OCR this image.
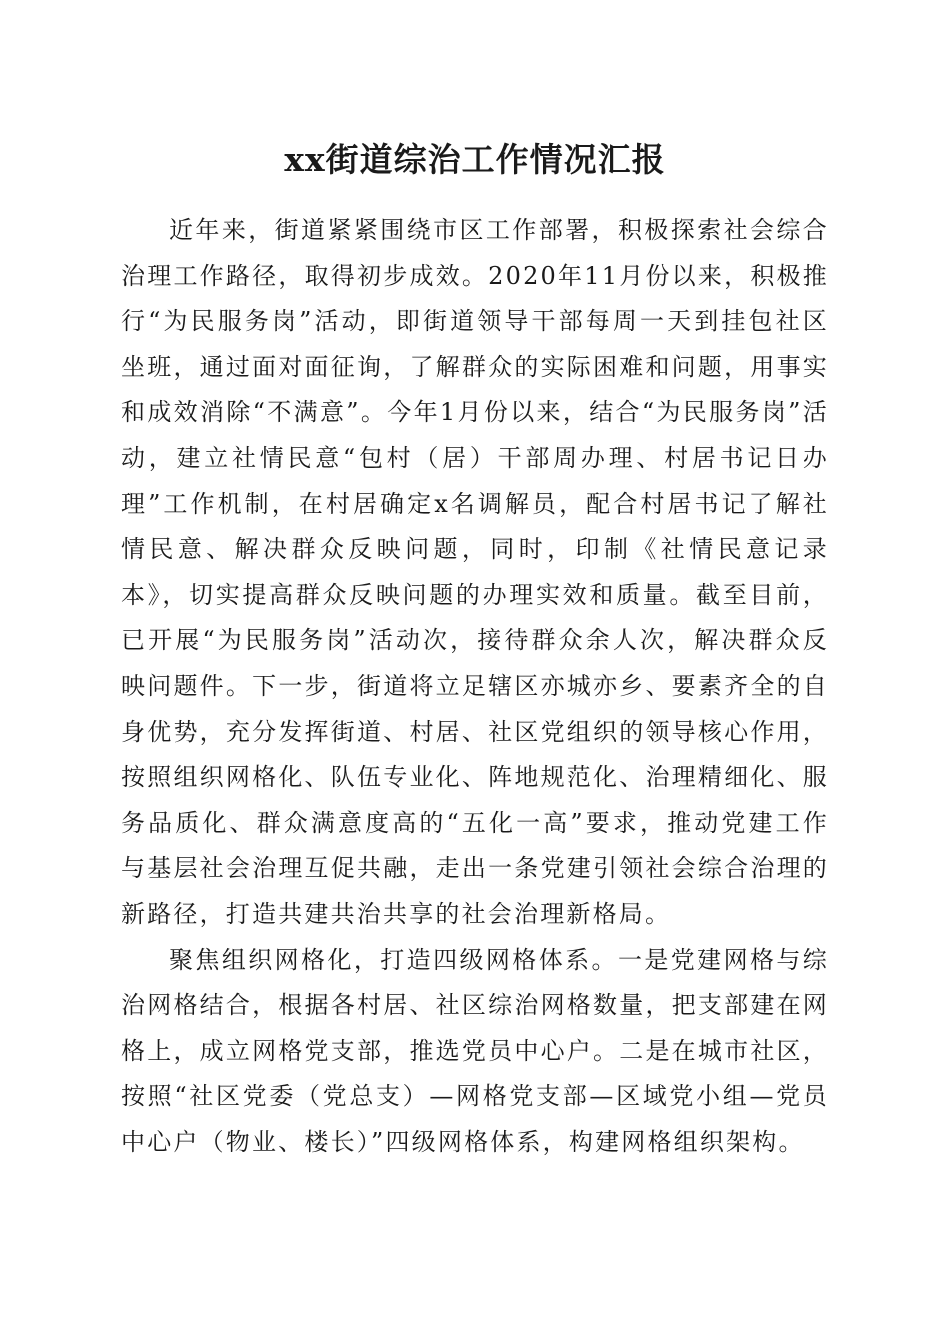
xx街道综治工作情况汇报

近年来，街道紧紧围绕市区工作部署，积极探索社会综合治理工作路径，取得初步成效。2020年11月份以来，积极推行“为民服务岗”活动，即街道领导干部每周一天到挂包社区坐班，通过面对面征询，了解群众的实际困难和问题，用事实和成效消除“不满意”。今年1月份以来，结合“为民服务岗”活动，建立社情民意“包村（居）干部周办理、村居书记日办理”工作机制，在村居确定x名调解员，配合村居书记了解社情民意、解决群众反映问题，同时，印制《社情民意记录本》，切实提高群众反映问题的办理实效和质量。截至目前，已开展“为民服务岗”活动次，接待群众余人次，解决群众反映问题件。下一步，街道将立足辖区亦城亦乡、要素齐全的自身优势，充分发挥街道、村居、社区党组织的领导核心作用，按照组织网格化、队伍专业化、阵地规范化、治理精细化、服务品质化、群众满意度高的“五化一高”要求，推动党建工作与基层社会治理互促共融，走出一条党建引领社会综合治理的新路径，打造共建共治共享的社会治理新格局。

聚焦组织网格化，打造四级网格体系。一是党建网格与综治网格结合，根据各村居、社区综治网格数量，把支部建在网格上，成立网格党支部，推选党员中心户。二是在城市社区，按照“社区党委（党总支）—网格党支部—区域党小组—党员中心户（物业、楼长）”四级网格体系，构建网格组织架构。
